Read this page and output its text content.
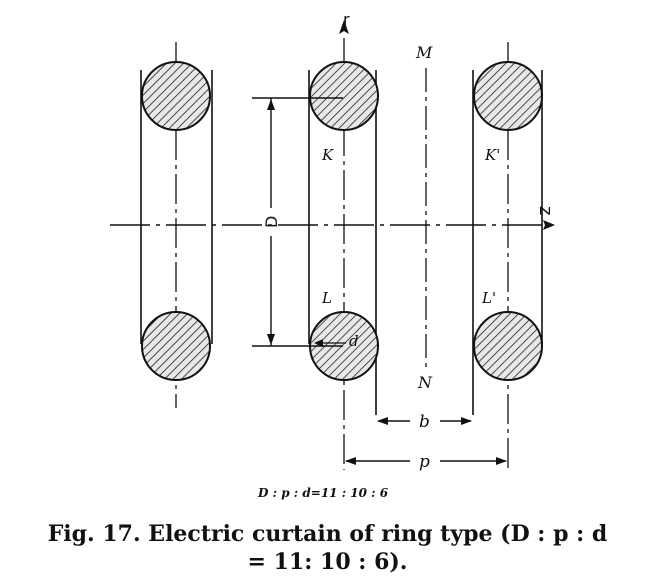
r
z
M
N
K	K'
L	L'
D
d
b
p
D : p : d=11 : 10 : 6
Fig. 17. Electric curtain of ring type (D : p : d
= 11: 10 : 6).
